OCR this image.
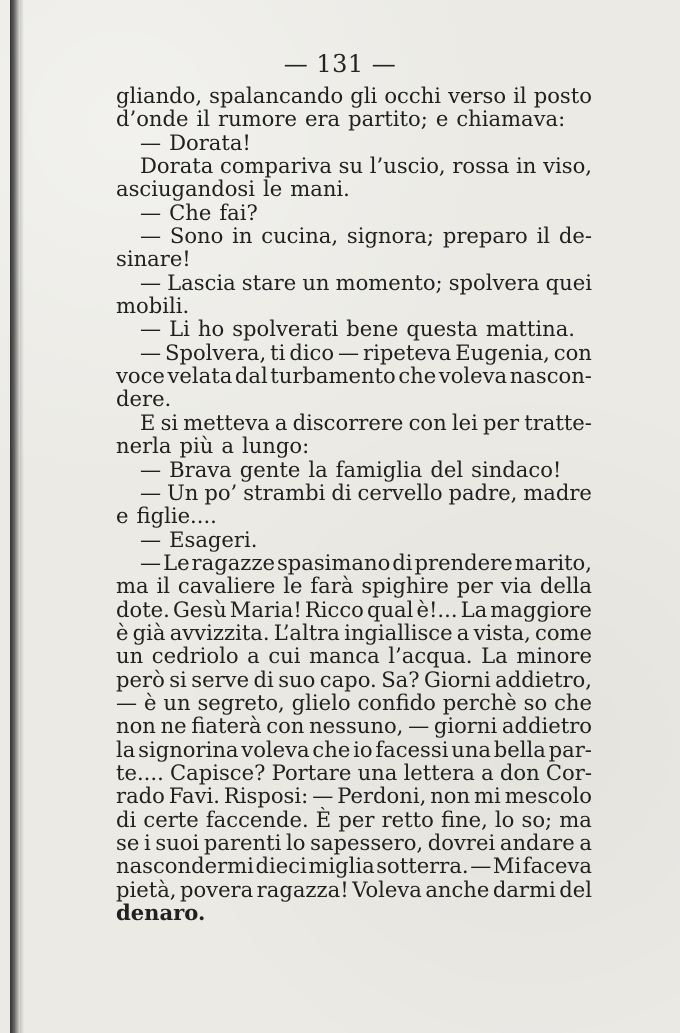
— 131 —
gliando, spalancando gli occhi verso il posto
d’onde il rumore era partito; e chiamava:
— Dorata!
Dorata compariva su l’uscio, rossa in viso,
asciugandosi le mani.
— Che fai?
— Sono in cucina, signora; preparo il de-
sinare!
— Lascia stare un momento; spolvera quei
mobili.
— Li ho spolverati bene questa mattina.
— Spolvera, ti dico — ripeteva Eugenia, con
voce velata dal turbamento che voleva nascon-
dere.
E si metteva a discorrere con lei per tratte-
nerla più a lungo:
— Brava gente la famiglia del sindaco!
— Un po’ strambi di cervello padre, madre
e figlie....
— Esageri.
— Le ragazze spasimano di prendere marito,
ma il cavaliere le farà spighire per via della
dote. Gesù Maria! Ricco qual è!... La maggiore
è già avvizzita. L’altra ingiallisce a vista, come
un cedriolo a cui manca l’acqua. La minore
però si serve di suo capo. Sa? Giorni addietro,
— è un segreto, glielo confido perchè so che
non ne fiaterà con nessuno, — giorni addietro
la signorina voleva che io facessi una bella par-
te.... Capisce? Portare una lettera a don Cor-
rado Favi. Risposi: — Perdoni, non mi mescolo
di certe faccende. È per retto fine, lo so; ma
se i suoi parenti lo sapessero, dovrei andare a
nascondermi dieci miglia sotterra. — Mi faceva
pietà, povera ragazza! Voleva anche darmi del
denaro.
